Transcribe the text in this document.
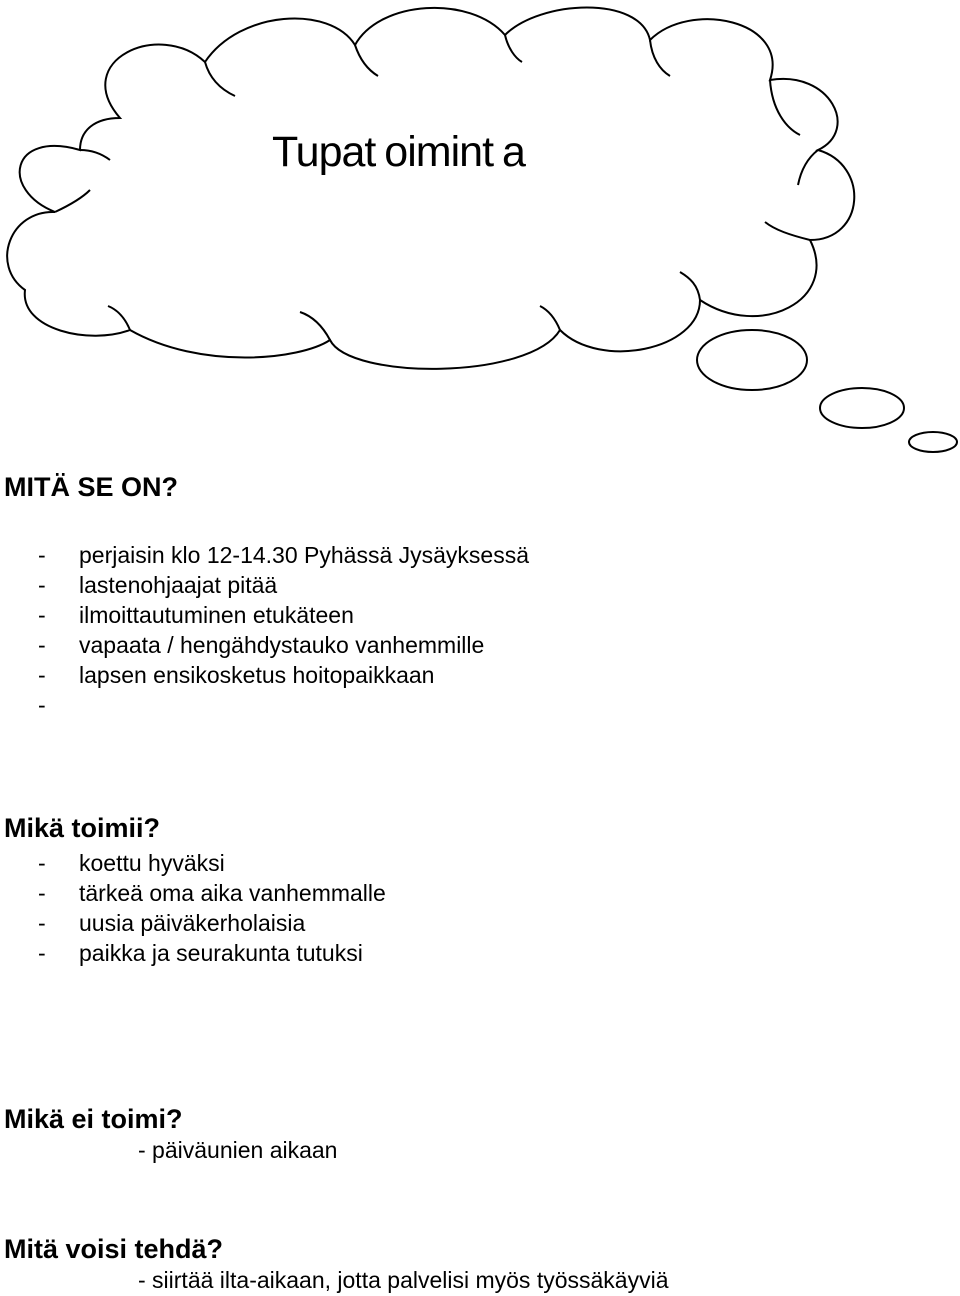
Tupat oimint a
MITÄ SE ON?
- perjaisin klo 12-14.30 Pyhässä Jysäyksessä
- lastenohjaajat pitää
- ilmoittautuminen etukäteen
- vapaata / hengähdystauko vanhemmille
- lapsen ensikosketus hoitopaikkaan
-
Mikä toimii?
- koettu hyväksi
- tärkeä oma aika vanhemmalle
- uusia päiväkerholaisia
- paikka ja seurakunta tutuksi
Mikä ei toimi?
- päiväunien aikaan
Mitä voisi tehdä?
- siirtää ilta-aikaan, jotta palvelisi myös työssäkäyviä
